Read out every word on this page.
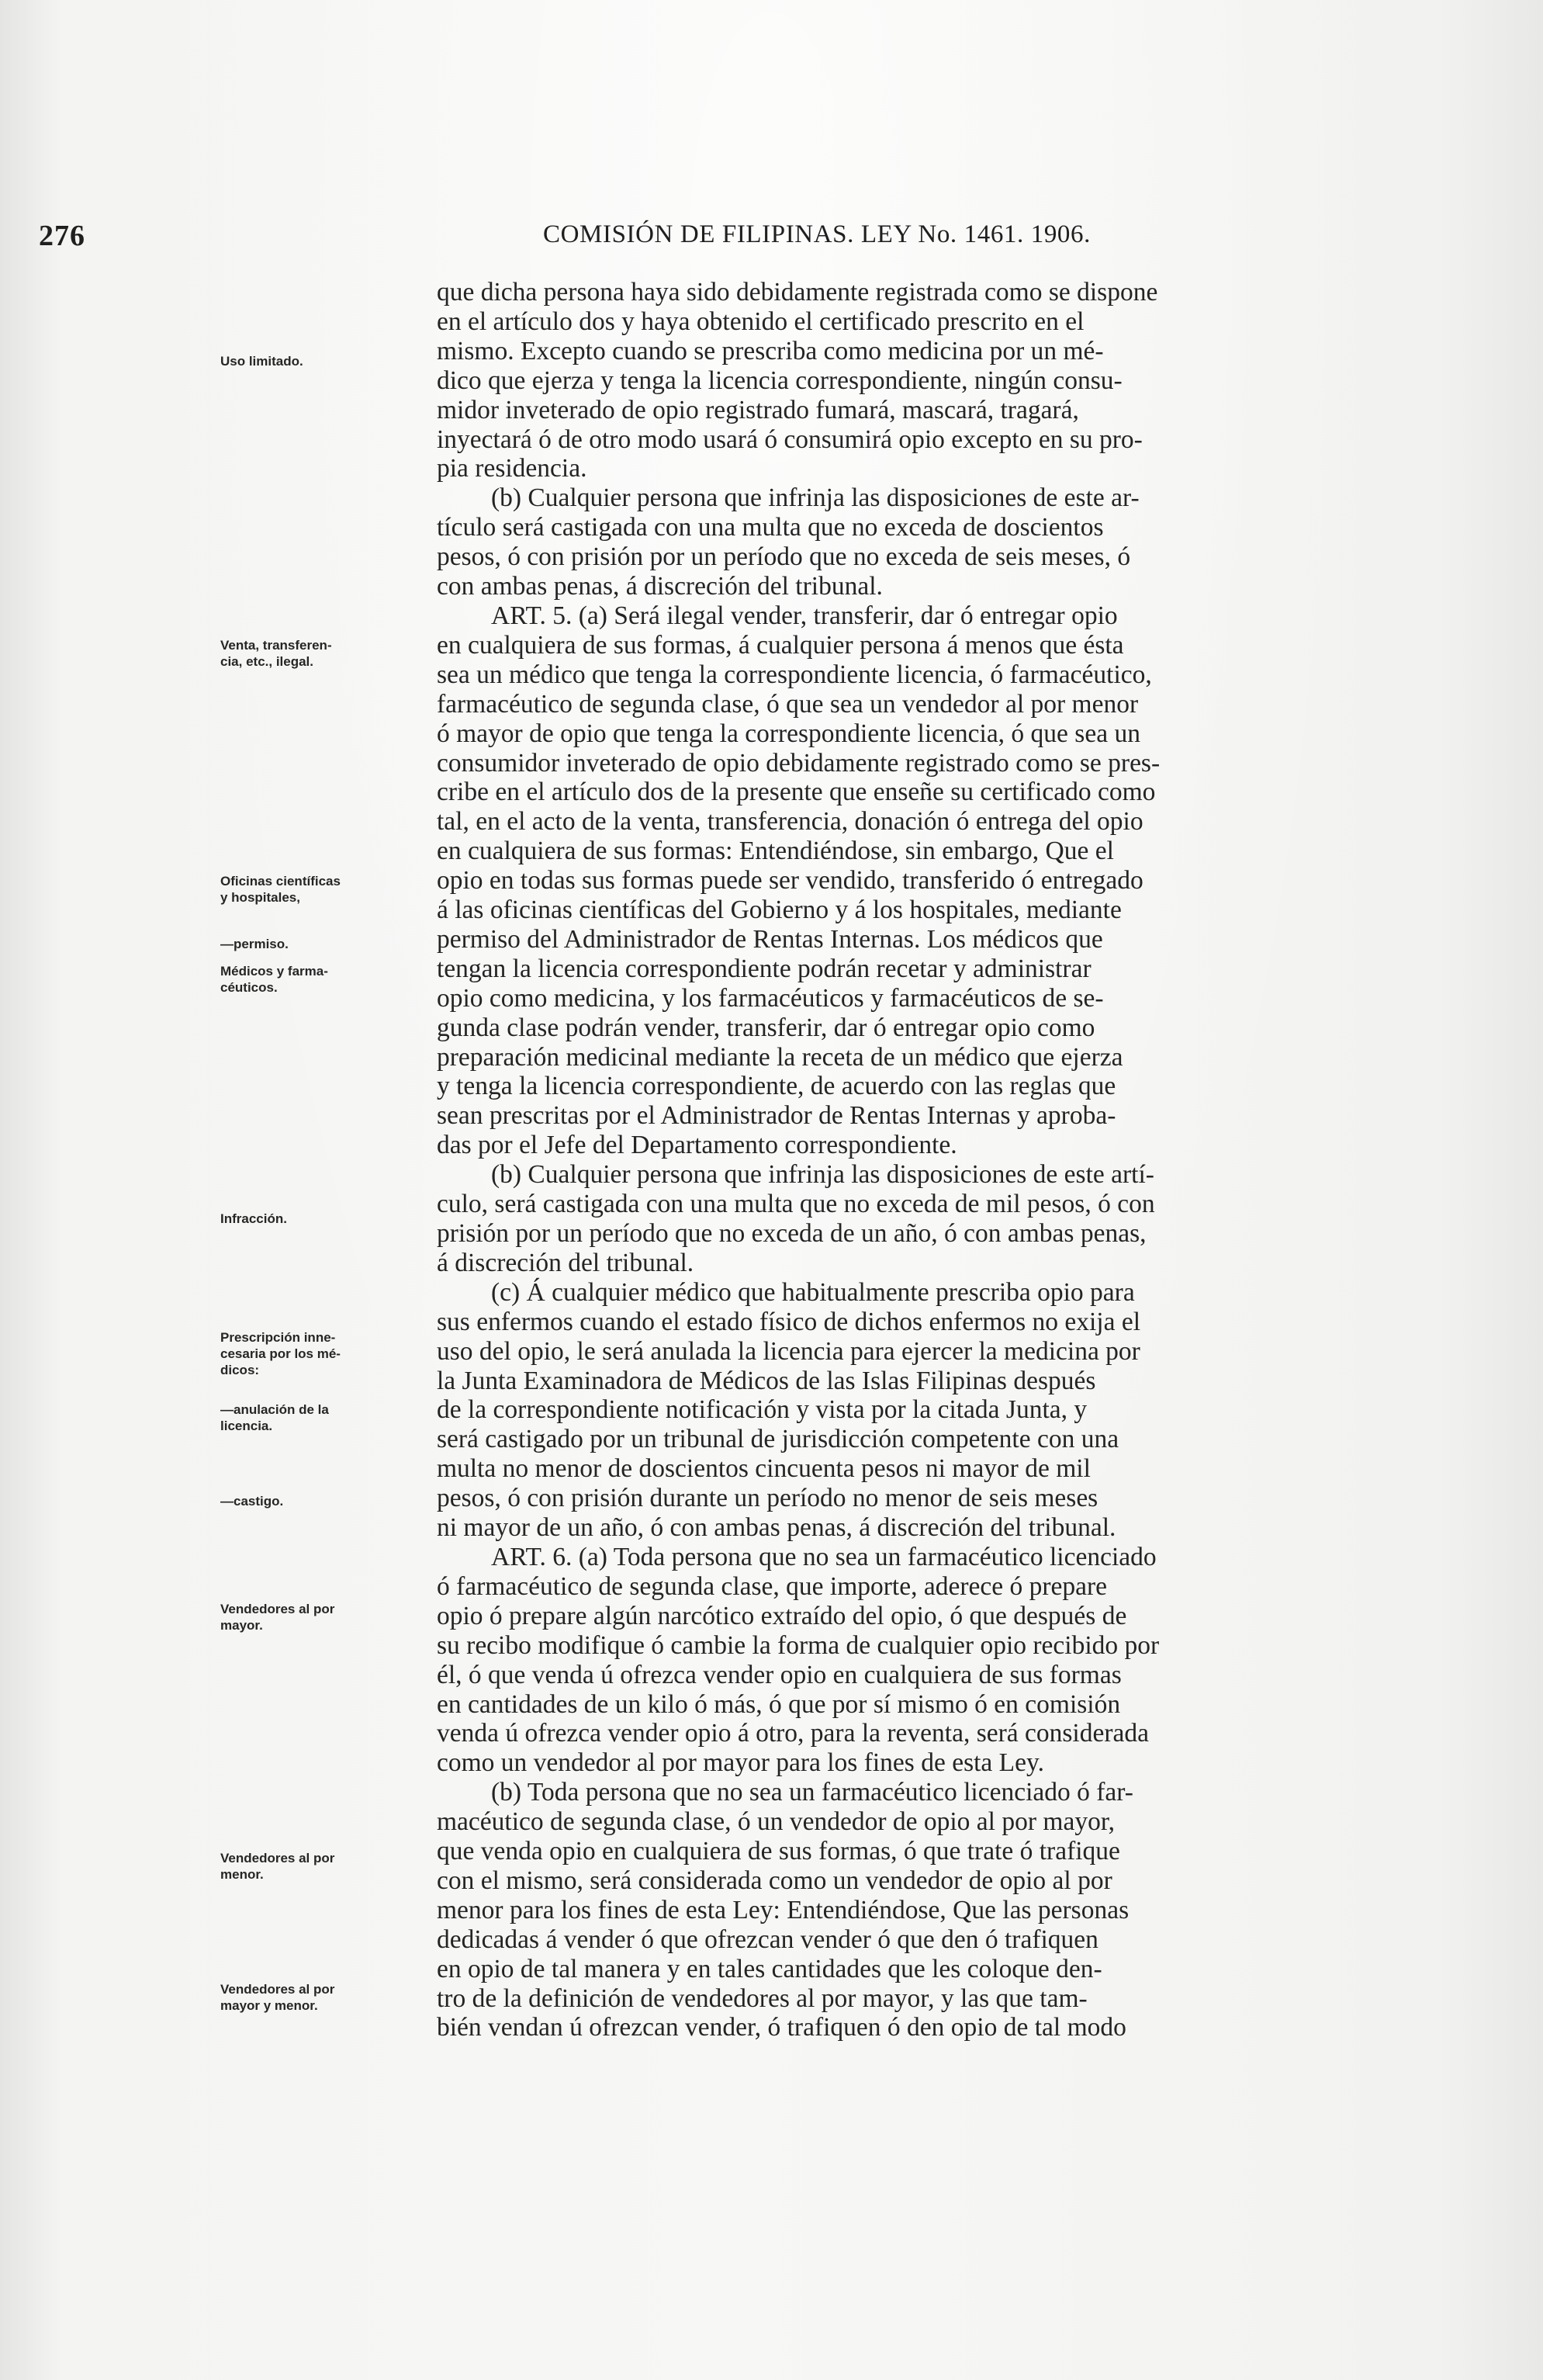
276	COMISIÓN DE FILIPINAS. LEY No. 1461. 1906.
Uso limitado.
Venta, transferen-
cia, etc., ilegal.
Oficinas científicas
y hospitales,
—permiso.
Médicos y farma-
céuticos.
Infracción.
Prescripción inne-
cesaria por los mé-
dicos:
—anulación de la
licencia.
—castigo.
Vendedores al por
mayor.
Vendedores al por
menor.
Vendedores al por
mayor y menor.
que dicha persona haya sido debidamente registrada como se dispone
en el artículo dos y haya obtenido el certificado prescrito en el
mismo. Excepto cuando se prescriba como medicina por un mé-
dico que ejerza y tenga la licencia correspondiente, ningún consu-
midor inveterado de opio registrado fumará, mascará, tragará,
inyectará ó de otro modo usará ó consumirá opio excepto en su pro-
pia residencia.
(b) Cualquier persona que infrinja las disposiciones de este ar-
tículo será castigada con una multa que no exceda de doscientos
pesos, ó con prisión por un período que no exceda de seis meses, ó
con ambas penas, á discreción del tribunal.
ART. 5. (a) Será ilegal vender, transferir, dar ó entregar opio
en cualquiera de sus formas, á cualquier persona á menos que ésta
sea un médico que tenga la correspondiente licencia, ó farmacéutico,
farmacéutico de segunda clase, ó que sea un vendedor al por menor
ó mayor de opio que tenga la correspondiente licencia, ó que sea un
consumidor inveterado de opio debidamente registrado como se pres-
cribe en el artículo dos de la presente que enseñe su certificado como
tal, en el acto de la venta, transferencia, donación ó entrega del opio
en cualquiera de sus formas: Entendiéndose, sin embargo, Que el
opio en todas sus formas puede ser vendido, transferido ó entregado
á las oficinas científicas del Gobierno y á los hospitales, mediante
permiso del Administrador de Rentas Internas. Los médicos que
tengan la licencia correspondiente podrán recetar y administrar
opio como medicina, y los farmacéuticos y farmacéuticos de se-
gunda clase podrán vender, transferir, dar ó entregar opio como
preparación medicinal mediante la receta de un médico que ejerza
y tenga la licencia correspondiente, de acuerdo con las reglas que
sean prescritas por el Administrador de Rentas Internas y aproba-
das por el Jefe del Departamento correspondiente.
(b) Cualquier persona que infrinja las disposiciones de este artí-
culo, será castigada con una multa que no exceda de mil pesos, ó con
prisión por un período que no exceda de un año, ó con ambas penas,
á discreción del tribunal.
(c) Á cualquier médico que habitualmente prescriba opio para
sus enfermos cuando el estado físico de dichos enfermos no exija el
uso del opio, le será anulada la licencia para ejercer la medicina por
la Junta Examinadora de Médicos de las Islas Filipinas después
de la correspondiente notificación y vista por la citada Junta, y
será castigado por un tribunal de jurisdicción competente con una
multa no menor de doscientos cincuenta pesos ni mayor de mil
pesos, ó con prisión durante un período no menor de seis meses
ni mayor de un año, ó con ambas penas, á discreción del tribunal.
ART. 6. (a) Toda persona que no sea un farmacéutico licenciado
ó farmacéutico de segunda clase, que importe, aderece ó prepare
opio ó prepare algún narcótico extraído del opio, ó que después de
su recibo modifique ó cambie la forma de cualquier opio recibido por
él, ó que venda ú ofrezca vender opio en cualquiera de sus formas
en cantidades de un kilo ó más, ó que por sí mismo ó en comisión
venda ú ofrezca vender opio á otro, para la reventa, será considerada
como un vendedor al por mayor para los fines de esta Ley.
(b) Toda persona que no sea un farmacéutico licenciado ó far-
macéutico de segunda clase, ó un vendedor de opio al por mayor,
que venda opio en cualquiera de sus formas, ó que trate ó trafique
con el mismo, será considerada como un vendedor de opio al por
menor para los fines de esta Ley: Entendiéndose, Que las personas
dedicadas á vender ó que ofrezcan vender ó que den ó trafiquen
en opio de tal manera y en tales cantidades que les coloque den-
tro de la definición de vendedores al por mayor, y las que tam-
bién vendan ú ofrezcan vender, ó trafiquen ó den opio de tal modo
